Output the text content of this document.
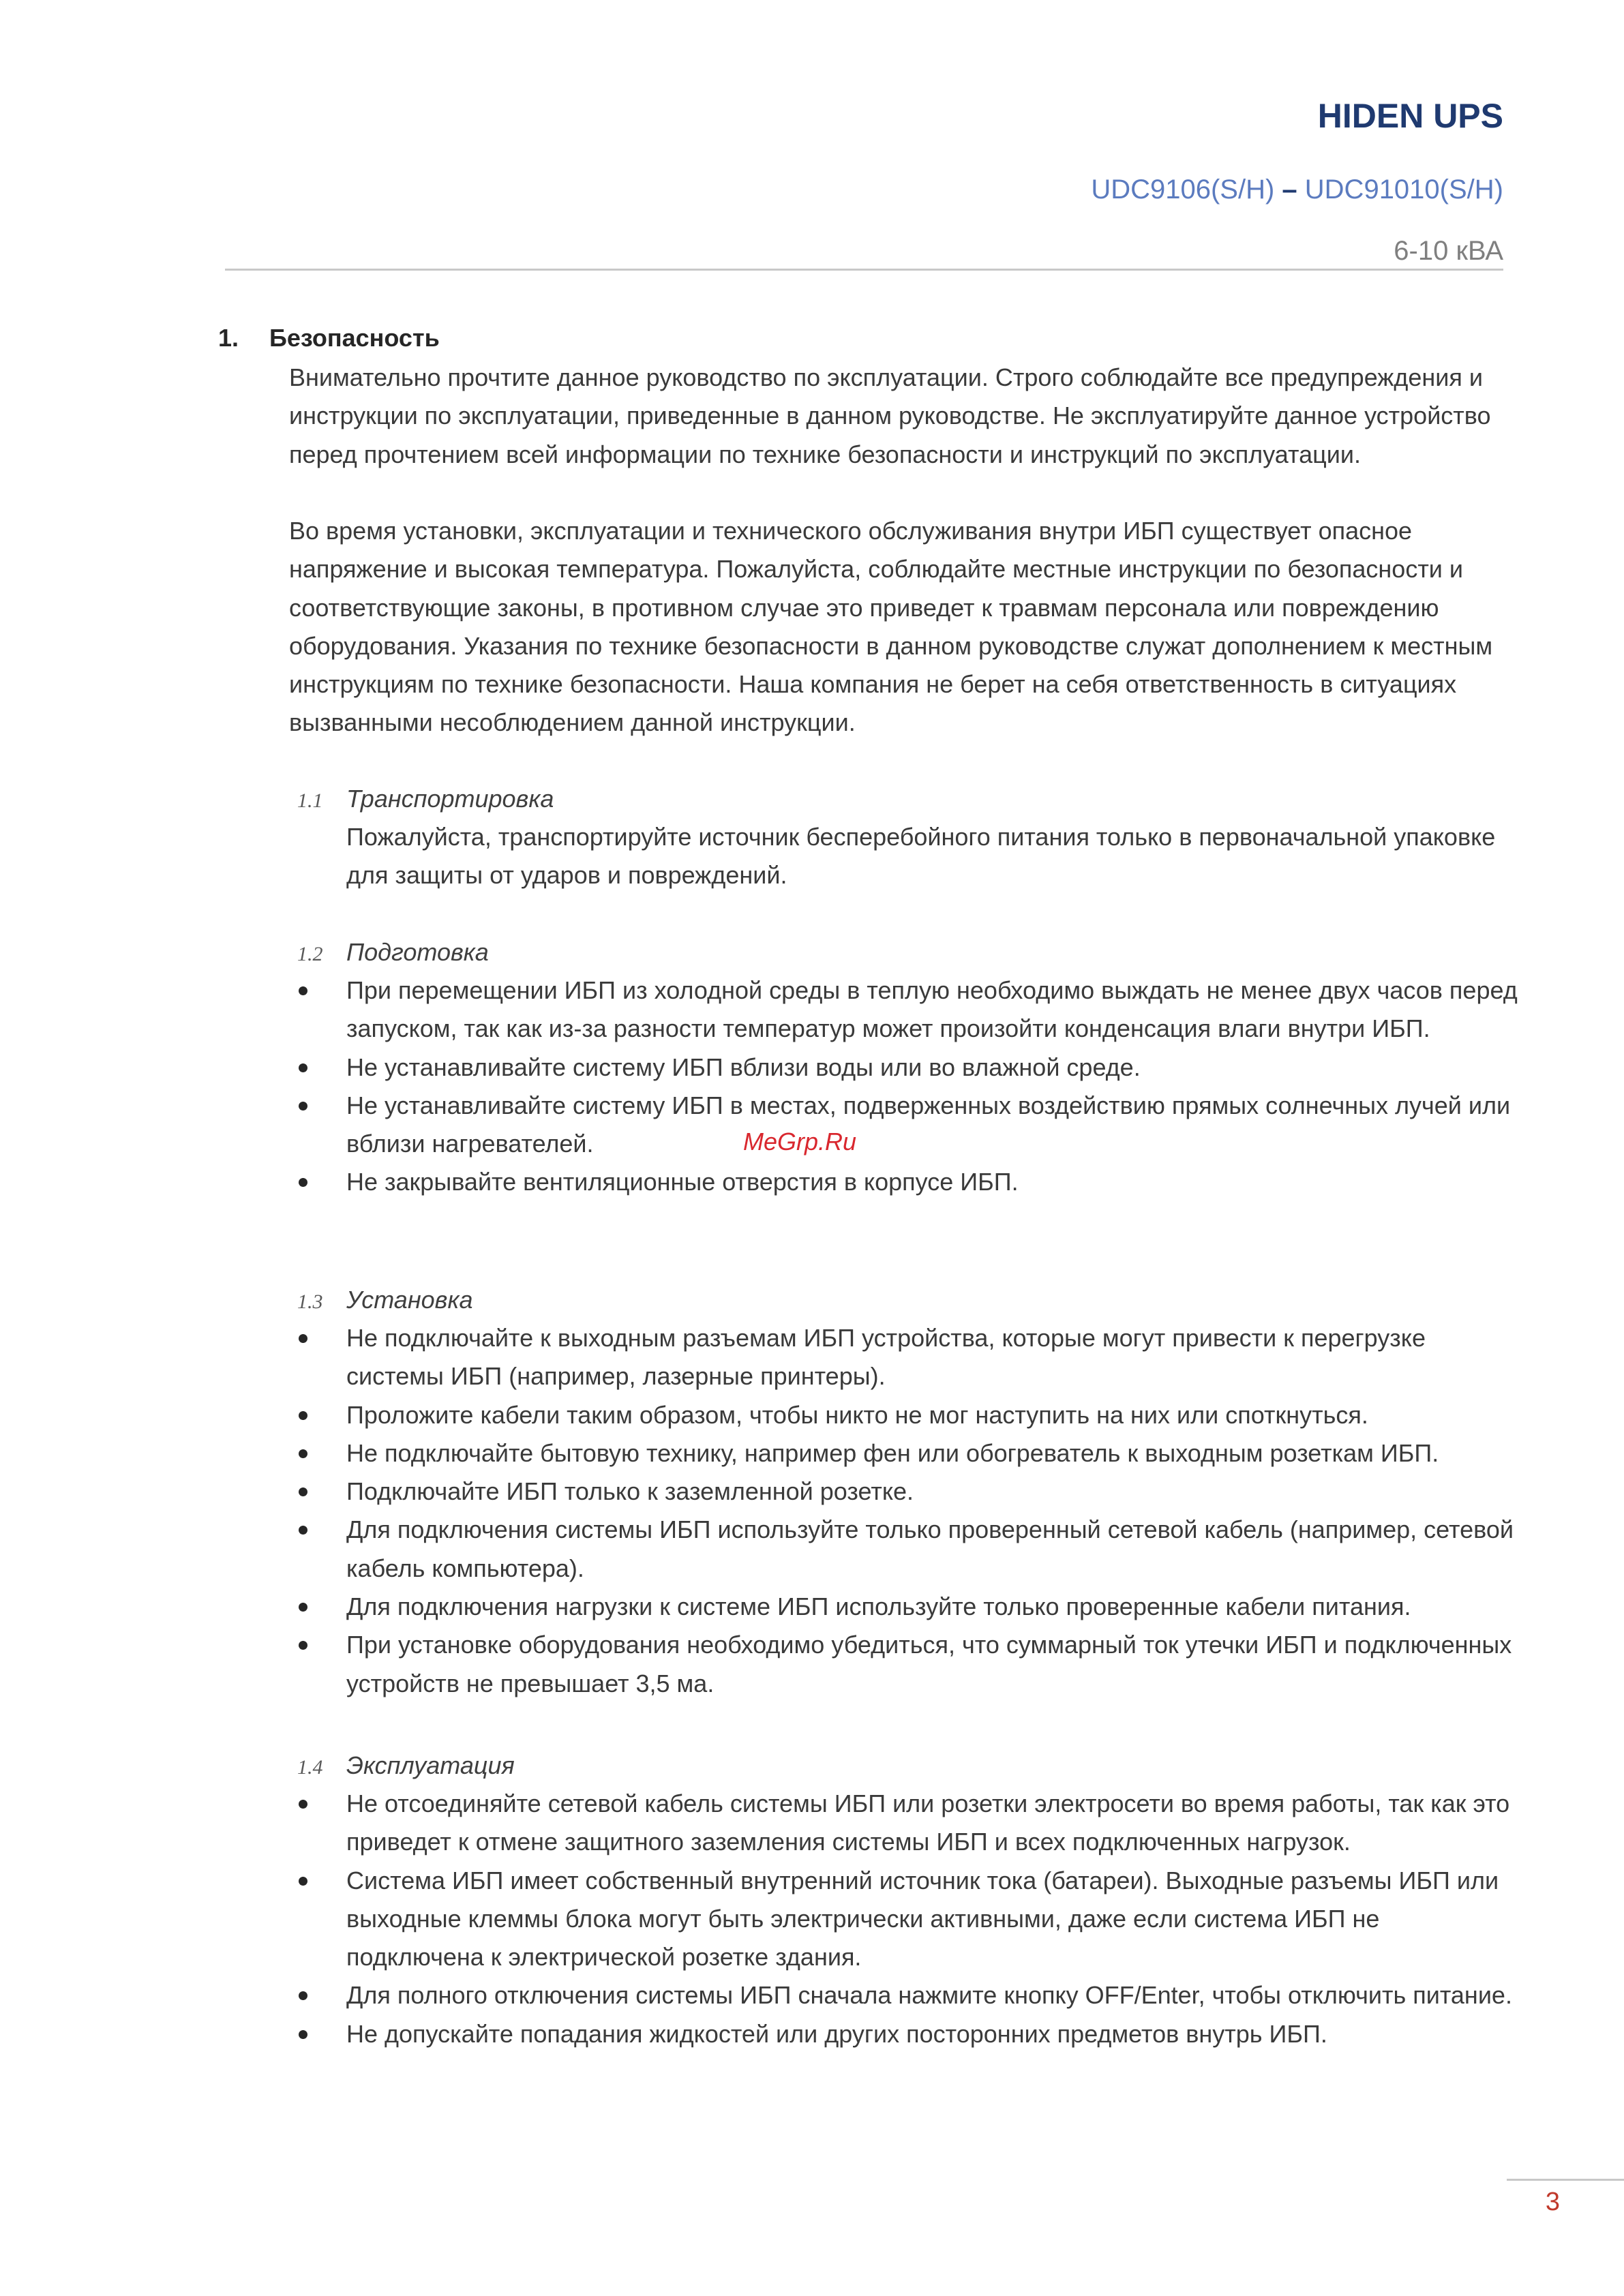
HIDEN UPS
UDC9106(S/H) – UDC91010(S/H)
6-10 кВА
1. Безопасность
Внимательно прочтите данное руководство по эксплуатации. Строго соблюдайте все предупреждения и инструкции по эксплуатации, приведенные в данном руководстве. Не эксплуатируйте данное устройство перед прочтением всей информации по технике безопасности и инструкций по эксплуатации.
Во время установки, эксплуатации и технического обслуживания внутри ИБП существует опасное напряжение и высокая температура. Пожалуйста, соблюдайте местные инструкции по безопасности и соответствующие законы, в противном случае это приведет к травмам персонала или повреждению оборудования. Указания по технике безопасности в данном руководстве служат дополнением к местным инструкциям по технике безопасности. Наша компания не берет на себя ответственность в ситуациях вызванными несоблюдением данной инструкции.
1.1 Транспортировка
Пожалуйста, транспортируйте источник бесперебойного питания только в первоначальной упаковке для защиты от ударов и повреждений.
1.2 Подготовка
При перемещении ИБП из холодной среды в теплую необходимо выждать не менее двух часов перед запуском, так как из-за разности температур может произойти конденсация влаги внутри ИБП.
Не устанавливайте систему ИБП вблизи воды или во влажной среде.
Не устанавливайте систему ИБП в местах, подверженных воздействию прямых солнечных лучей или вблизи нагревателей.
Не закрывайте вентиляционные отверстия в корпусе ИБП.
1.3 Установка
Не подключайте к выходным разъемам ИБП устройства, которые могут привести к перегрузке системы ИБП (например, лазерные принтеры).
Проложите кабели таким образом, чтобы никто не мог наступить на них или споткнуться.
Не подключайте бытовую технику, например фен или обогреватель к выходным розеткам ИБП.
Подключайте ИБП только к заземленной розетке.
Для подключения системы ИБП используйте только проверенный сетевой кабель (например, сетевой кабель компьютера).
Для подключения нагрузки к системе ИБП используйте только проверенные кабели питания.
При установке оборудования необходимо убедиться, что суммарный ток утечки ИБП и подключенных устройств не превышает 3,5 ма.
1.4 Эксплуатация
Не отсоединяйте сетевой кабель системы ИБП или розетки электросети во время работы, так как это приведет к отмене защитного заземления системы ИБП и всех подключенных нагрузок.
Система ИБП имеет собственный внутренний источник тока (батареи). Выходные разъемы ИБП или выходные клеммы блока могут быть электрически активными, даже если система ИБП не подключена к электрической розетке здания.
Для полного отключения системы ИБП сначала нажмите кнопку OFF/Enter, чтобы отключить питание.
Не допускайте попадания жидкостей или других посторонних предметов внутрь ИБП.
MeGrp.Ru
3
